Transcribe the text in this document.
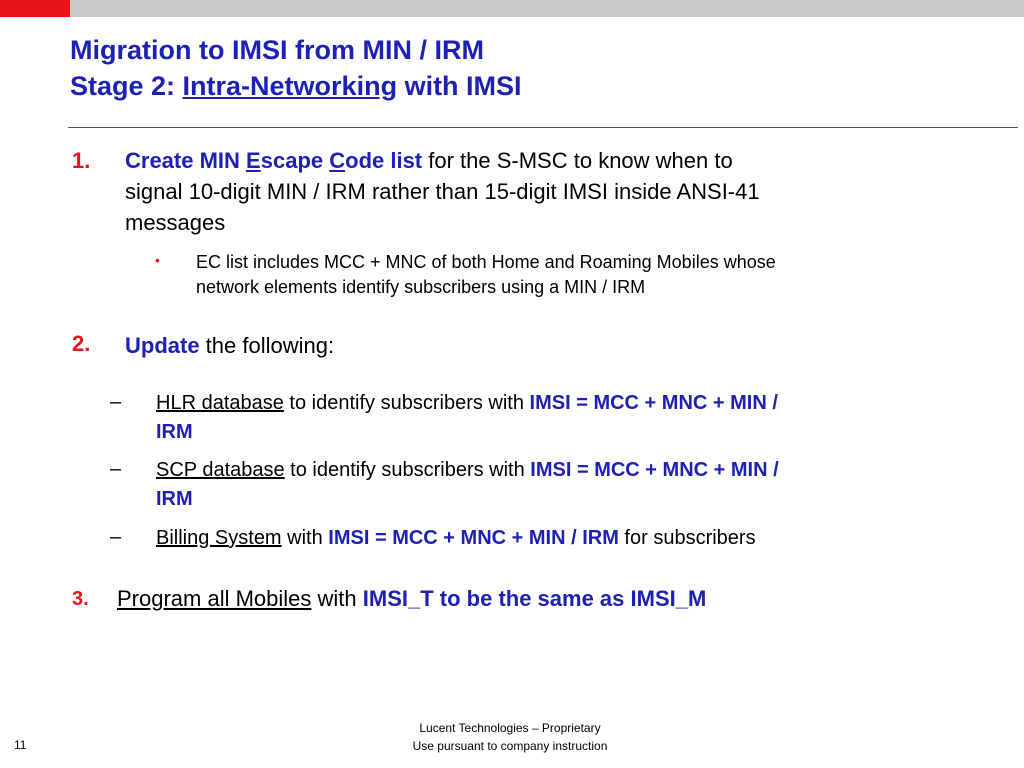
Migration to IMSI from MIN / IRM
Stage 2: Intra-Networking with IMSI
1. Create MIN Escape Code list for the S-MSC to know when to
signal 10-digit MIN / IRM rather than 15-digit IMSI inside ANSI-41
messages
• EC list includes MCC + MNC of both Home and Roaming Mobiles whose
network elements identify subscribers using a MIN / IRM
2. Update the following:
– HLR database to identify subscribers with IMSI = MCC + MNC + MIN /
IRM
– SCP database to identify subscribers with IMSI = MCC + MNC + MIN /
IRM
– Billing System with IMSI = MCC + MNC + MIN / IRM for subscribers
3. Program all Mobiles with IMSI_T to be the same as IMSI_M
Lucent Technologies – Proprietary
Use pursuant to company instruction
11
